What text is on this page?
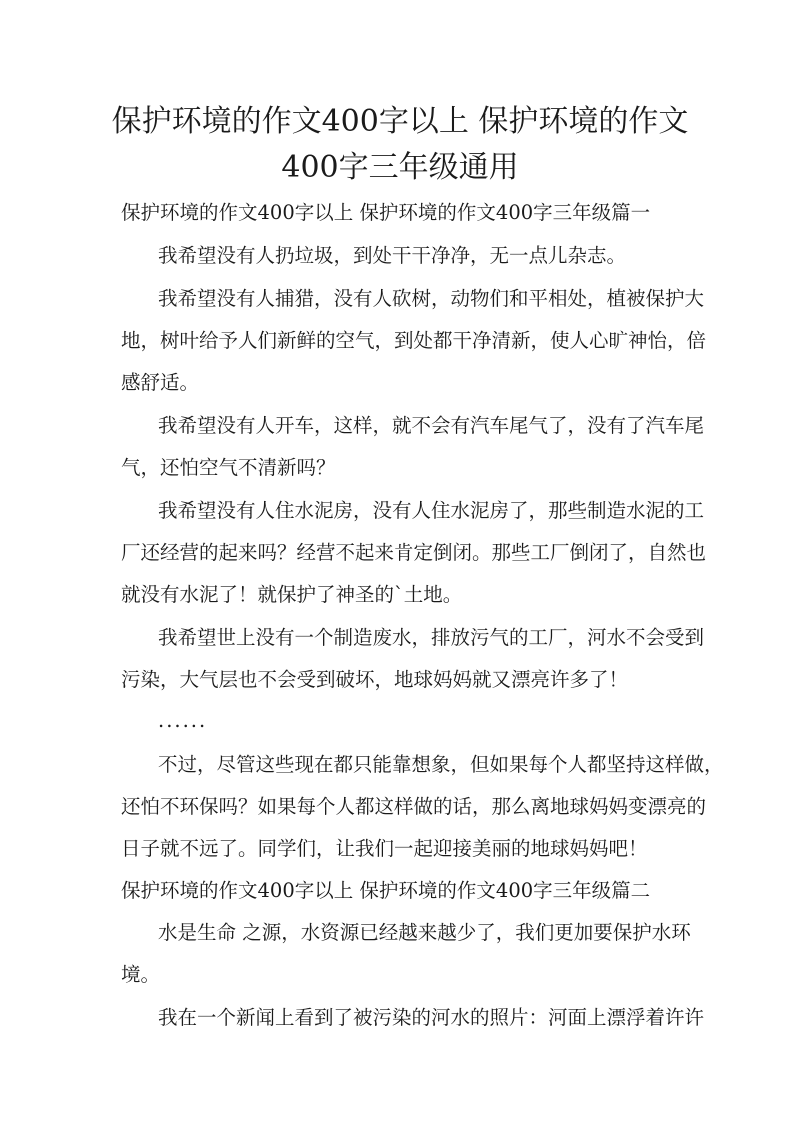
保护环境的作文400字以上 保护环境的作文
400字三年级通用

保护环境的作文400字以上 保护环境的作文400字三年级篇一

我希望没有人扔垃圾，到处干干净净，无一点儿杂志。

我希望没有人捕猎，没有人砍树，动物们和平相处，植被保护大

地，树叶给予人们新鲜的空气，到处都干净清新，使人心旷神怡，倍

感舒适。

我希望没有人开车，这样，就不会有汽车尾气了，没有了汽车尾

气，还怕空气不清新吗？

我希望没有人住水泥房，没有人住水泥房了，那些制造水泥的工

厂还经营的起来吗？经营不起来肯定倒闭。那些工厂倒闭了，自然也

就没有水泥了！就保护了神圣的`土地。

我希望世上没有一个制造废水，排放污气的工厂，河水不会受到

污染，大气层也不会受到破坏，地球妈妈就又漂亮许多了！

......

不过，尽管这些现在都只能靠想象，但如果每个人都坚持这样做，

还怕不环保吗？如果每个人都这样做的话，那么离地球妈妈变漂亮的

日子就不远了。同学们，让我们一起迎接美丽的地球妈妈吧！

保护环境的作文400字以上 保护环境的作文400字三年级篇二

水是生命 之源，水资源已经越来越少了，我们更加要保护水环

境。

我在一个新闻上看到了被污染的河水的照片：河面上漂浮着许许
